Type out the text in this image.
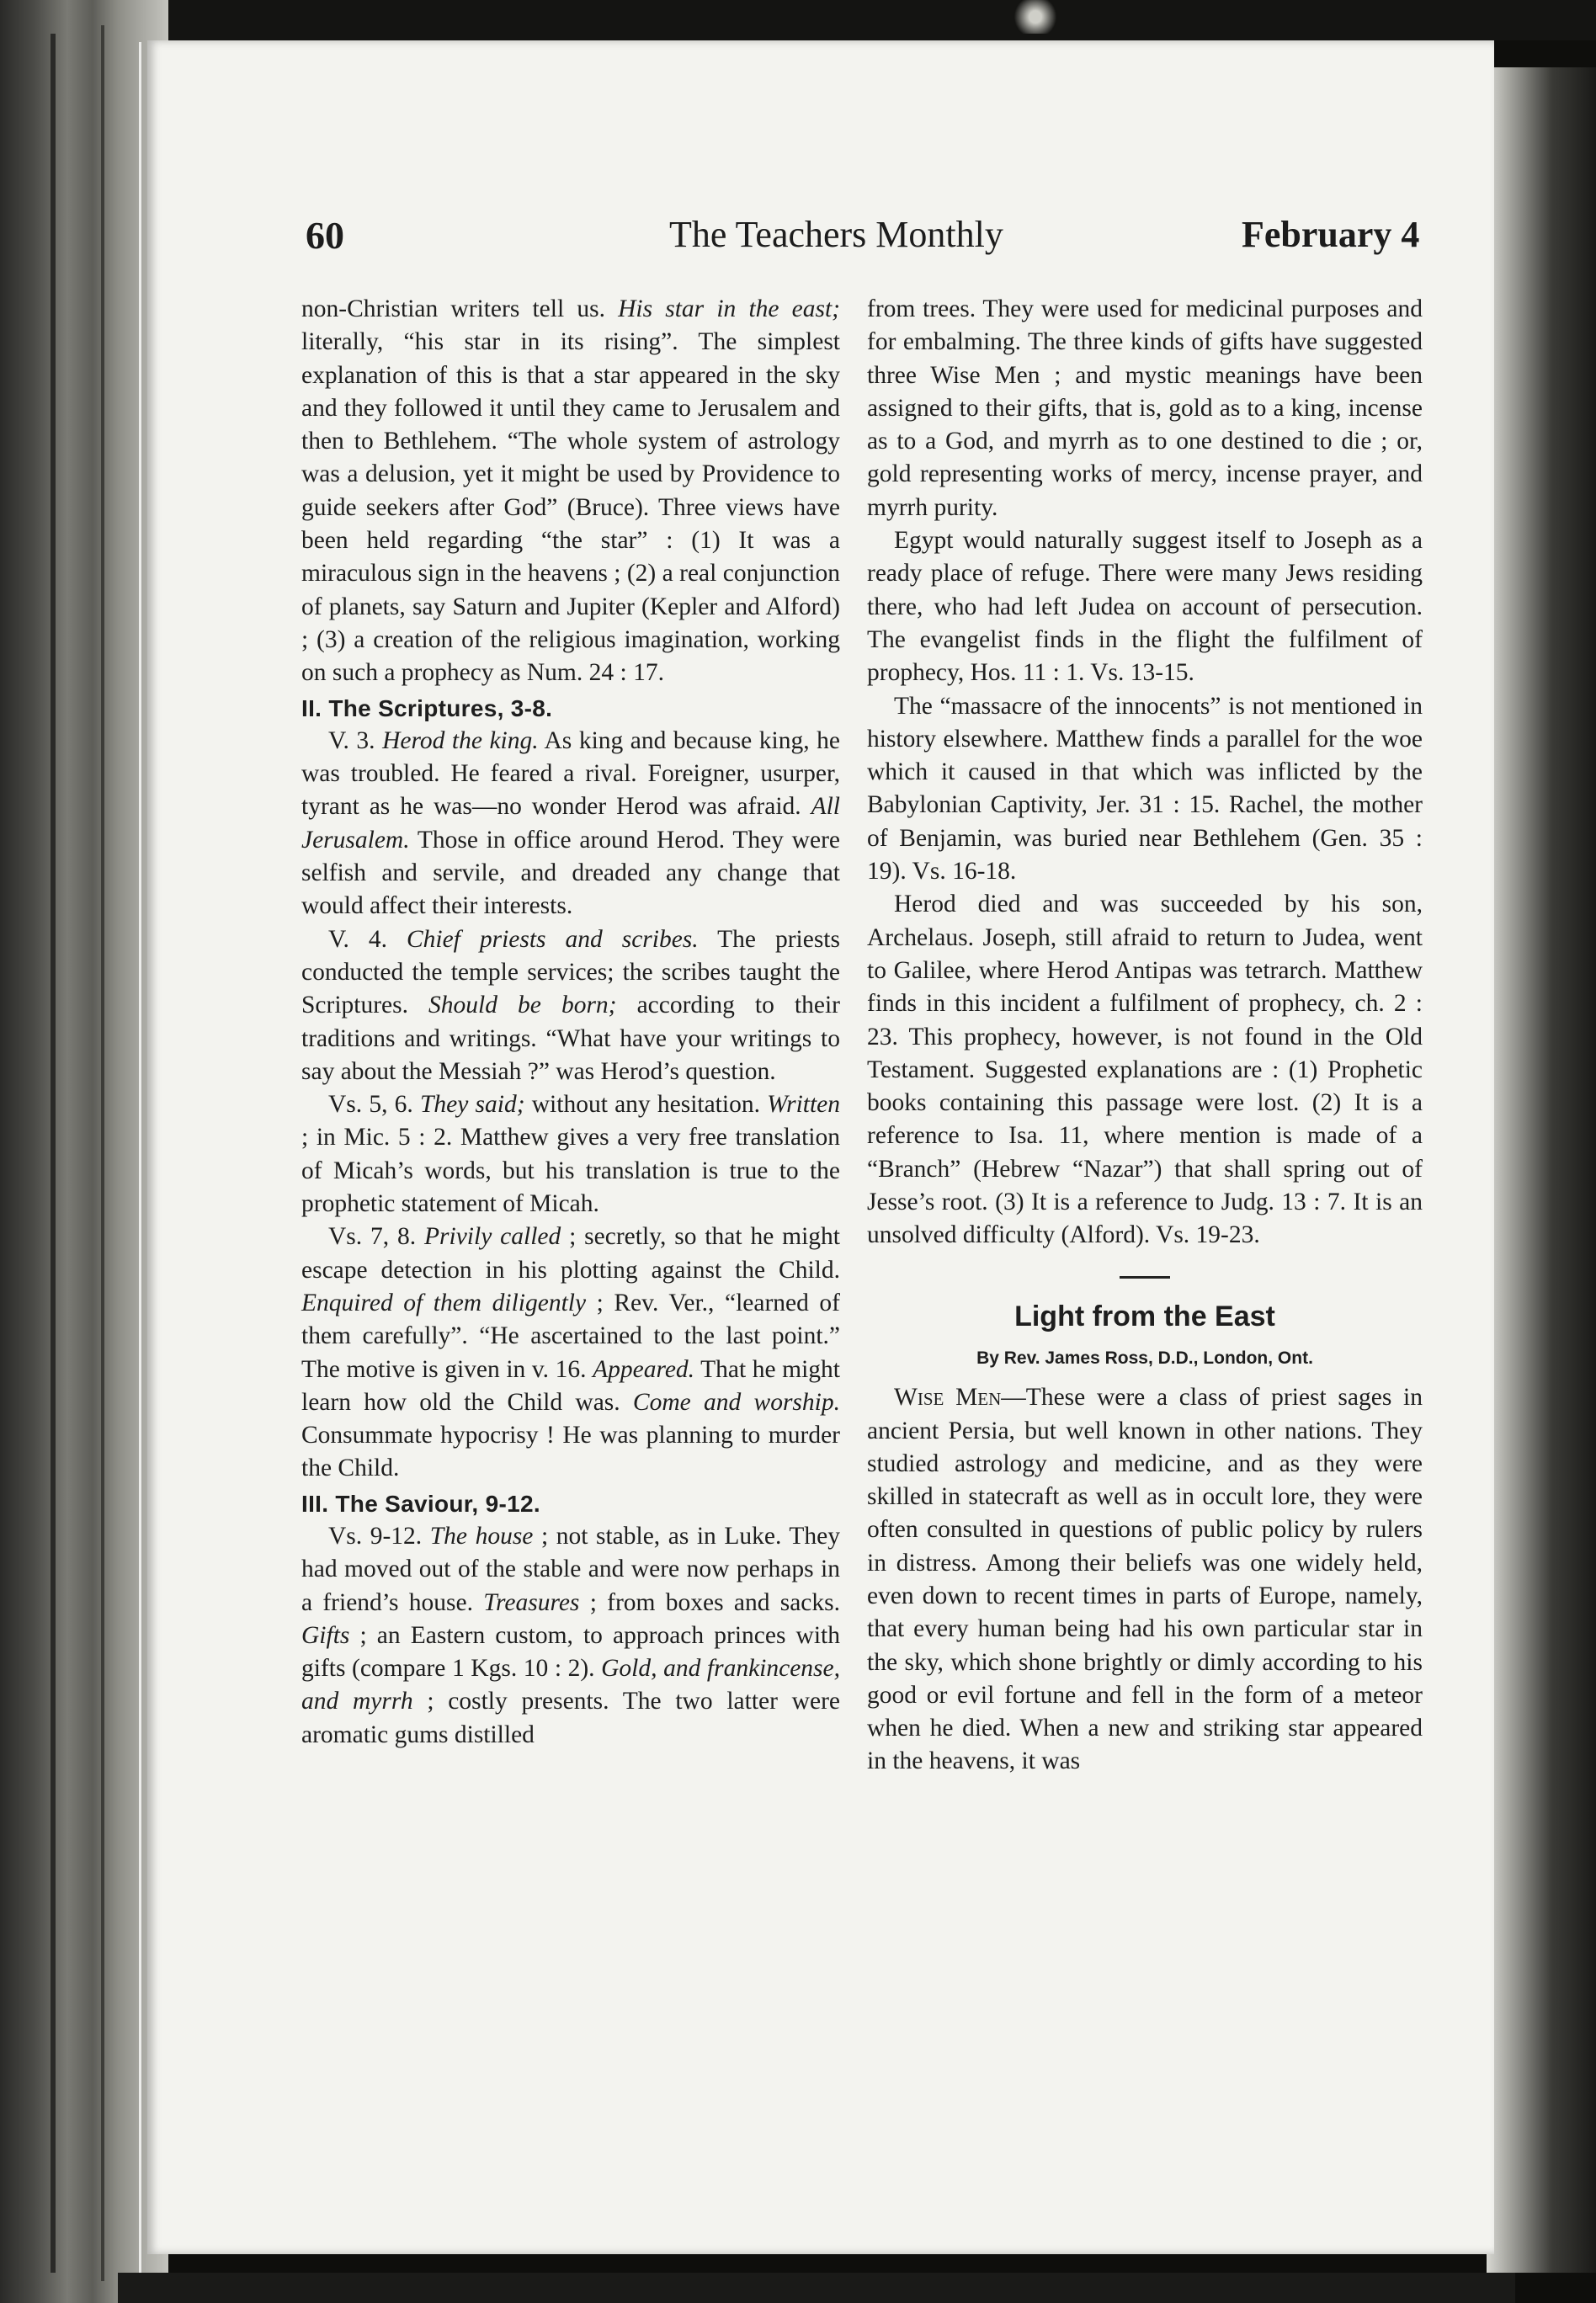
60	The Teachers Monthly	February 4

non-Christian writers tell us. His star in the east; literally, “his star in its rising”. The simplest explanation of this is that a star appeared in the sky and they followed it until they came to Jerusalem and then to Bethlehem. “The whole system of astrology was a delusion, yet it might be used by Providence to guide seekers after God” (Bruce). Three views have been held regarding “the star” : (1) It was a miraculous sign in the heavens ; (2) a real conjunction of planets, say Saturn and Jupiter (Kepler and Alford) ; (3) a creation of the religious imagination, working on such a prophecy as Num. 24 : 17.

II. The Scriptures, 3-8.

V. 3. Herod the king. As king and because king, he was troubled. He feared a rival. Foreigner, usurper, tyrant as he was—no wonder Herod was afraid. All Jerusalem. Those in office around Herod. They were selfish and servile, and dreaded any change that would affect their interests.

V. 4. Chief priests and scribes. The priests conducted the temple services; the scribes taught the Scriptures. Should be born; according to their traditions and writings. “What have your writings to say about the Messiah ?” was Herod’s question.

Vs. 5, 6. They said; without any hesitation. Written ; in Mic. 5 : 2. Matthew gives a very free translation of Micah’s words, but his translation is true to the prophetic statement of Micah.

Vs. 7, 8. Privily called ; secretly, so that he might escape detection in his plotting against the Child. Enquired of them diligently ; Rev. Ver., “learned of them carefully”. “He ascertained to the last point.” The motive is given in v. 16. Appeared. That he might learn how old the Child was. Come and worship. Consummate hypocrisy ! He was planning to murder the Child.

III. The Saviour, 9-12.

Vs. 9-12. The house ; not stable, as in Luke. They had moved out of the stable and were now perhaps in a friend’s house. Treasures ; from boxes and sacks. Gifts ; an Eastern custom, to approach princes with gifts (compare 1 Kgs. 10 : 2). Gold, and frankincense, and myrrh ; costly presents. The two latter were aromatic gums distilled

from trees. They were used for medicinal purposes and for embalming. The three kinds of gifts have suggested three Wise Men ; and mystic meanings have been assigned to their gifts, that is, gold as to a king, incense as to a God, and myrrh as to one destined to die ; or, gold representing works of mercy, incense prayer, and myrrh purity.

Egypt would naturally suggest itself to Joseph as a ready place of refuge. There were many Jews residing there, who had left Judea on account of persecution. The evangelist finds in the flight the fulfilment of prophecy, Hos. 11 : 1. Vs. 13-15.

The “massacre of the innocents” is not mentioned in history elsewhere. Matthew finds a parallel for the woe which it caused in that which was inflicted by the Babylonian Captivity, Jer. 31 : 15. Rachel, the mother of Benjamin, was buried near Bethlehem (Gen. 35 : 19). Vs. 16-18.

Herod died and was succeeded by his son, Archelaus. Joseph, still afraid to return to Judea, went to Galilee, where Herod Antipas was tetrarch. Matthew finds in this incident a fulfilment of prophecy, ch. 2 : 23. This prophecy, however, is not found in the Old Testament. Suggested explanations are : (1) Prophetic books containing this passage were lost. (2) It is a reference to Isa. 11, where mention is made of a “Branch” (Hebrew “Nazar”) that shall spring out of Jesse’s root. (3) It is a reference to Judg. 13 : 7. It is an unsolved difficulty (Alford). Vs. 19-23.

Light from the East
By Rev. James Ross, D.D., London, Ont.

Wise Men—These were a class of priest sages in ancient Persia, but well known in other nations. They studied astrology and medicine, and as they were skilled in statecraft as well as in occult lore, they were often consulted in questions of public policy by rulers in distress. Among their beliefs was one widely held, even down to recent times in parts of Europe, namely, that every human being had his own particular star in the sky, which shone brightly or dimly according to his good or evil fortune and fell in the form of a meteor when he died. When a new and striking star appeared in the heavens, it was
